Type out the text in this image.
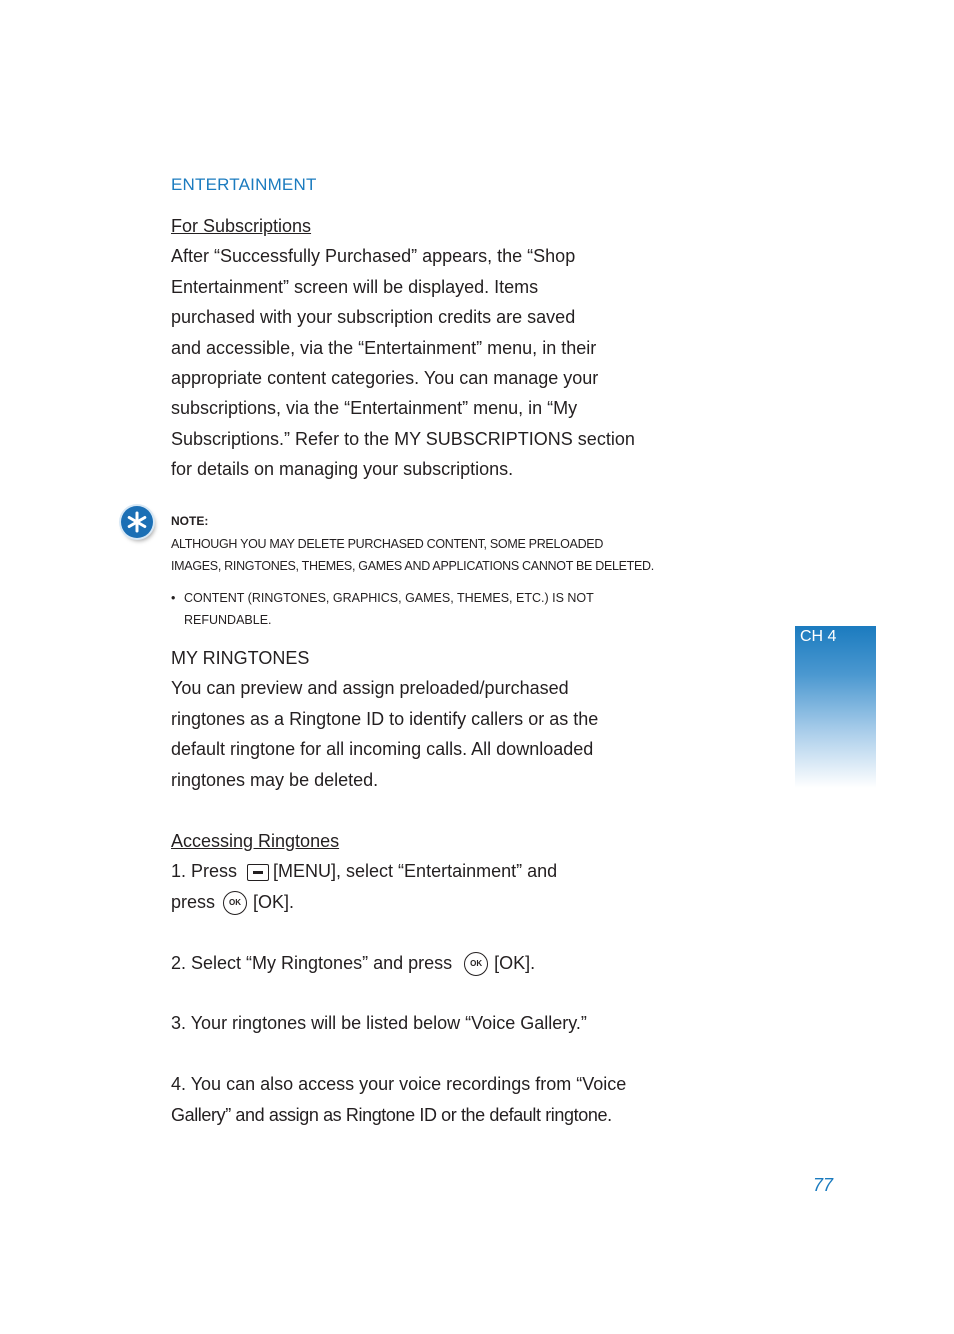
ENTERTAINMENT
For Subscriptions
After “Successfully Purchased” appears, the “Shop
Entertainment” screen will be displayed. Items
purchased with your subscription credits are saved
and accessible, via the “Entertainment” menu, in their
appropriate content categories. You can manage your
subscriptions, via the “Entertainment” menu, in “My
Subscriptions.” Refer to the MY SUBSCRIPTIONS section
for details on managing your subscriptions.
NOTE:
ALTHOUGH YOU MAY DELETE PURCHASED CONTENT, SOME PRELOADED
IMAGES, RINGTONES, THEMES, GAMES AND APPLICATIONS CANNOT BE DELETED.
• CONTENT (RINGTONES, GRAPHICS, GAMES, THEMES, ETC.) IS NOT
REFUNDABLE.
MY RINGTONES
You can preview and assign preloaded/purchased
ringtones as a Ringtone ID to identify callers or as the
default ringtone for all incoming calls. All downloaded
ringtones may be deleted.
Accessing Ringtones
1. Press [MENU], select “Entertainment” and
press OK [OK].
2. Select “My Ringtones” and press OK [OK].
3. Your ringtones will be listed below “Voice Gallery.”
4. You can also access your voice recordings from “Voice
Gallery” and assign as Ringtone ID or the default ringtone.
CH 4
77
